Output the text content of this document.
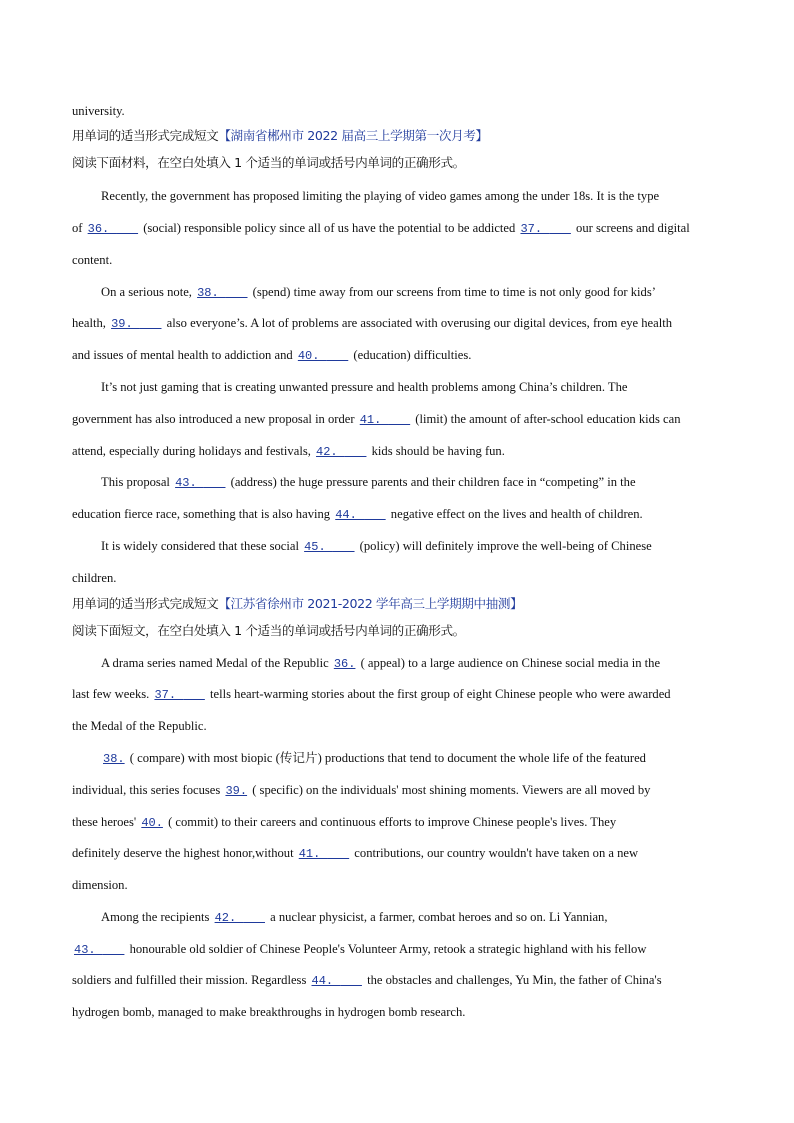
university.
用单词的适当形式完成短文【湖南省郴州市 2022 届高三上学期第一次月考】
阅读下面材料，在空白处填入 1 个适当的单词或括号内单词的正确形式。
Recently, the government has proposed limiting the playing of video games among the under 18s. It is the type
of 36.  (social) responsible policy since all of us have the potential to be addicted 37.  our screens and digital
content.
On a serious note, 38.  (spend) time away from our screens from time to time is not only good for kids’
health, 39.  also everyone’s. A lot of problems are associated with overusing our digital devices, from eye health
and issues of mental health to addiction and 40.  (education) difficulties.
It’s not just gaming that is creating unwanted pressure and health problems among China’s children. The
government has also introduced a new proposal in order 41.  (limit) the amount of after-school education kids can
attend, especially during holidays and festivals, 42.  kids should be having fun.
This proposal 43.  (address) the huge pressure parents and their children face in “competing” in the
education fierce race, something that is also having 44.  negative effect on the lives and health of children.
It is widely considered that these social 45.  (policy) will definitely improve the well-being of Chinese
children.
用单词的适当形式完成短文【江苏省徐州市 2021-2022 学年高三上学期期中抽测】
阅读下面短文，在空白处填入 1 个适当的单词或括号内单词的正确形式。
A drama series named Medal of the Republic 36. ( appeal) to a large audience on Chinese social media in the
last few weeks. 37.  tells heart-warming stories about the first group of eight Chinese people who were awarded
the Medal of the Republic.
38. ( compare) with most biopic (传记片) productions that tend to document the whole life of the featured
individual, this series focuses 39. ( specific) on the individuals' most shining moments. Viewers are all moved by
these heroes' 40. ( commit) to their careers and continuous efforts to improve Chinese people's lives. They
definitely deserve the highest honor,without 41.  contributions, our country wouldn't have taken on a new
dimension.
Among the recipients 42.  a nuclear physicist, a farmer, combat heroes and so on. Li Yannian,
43.  honourable old soldier of Chinese People's Volunteer Army, retook a strategic highland with his fellow
soldiers and fulfilled their mission. Regardless 44.  the obstacles and challenges, Yu Min, the father of China's
hydrogen bomb, managed to make breakthroughs in hydrogen bomb research.
